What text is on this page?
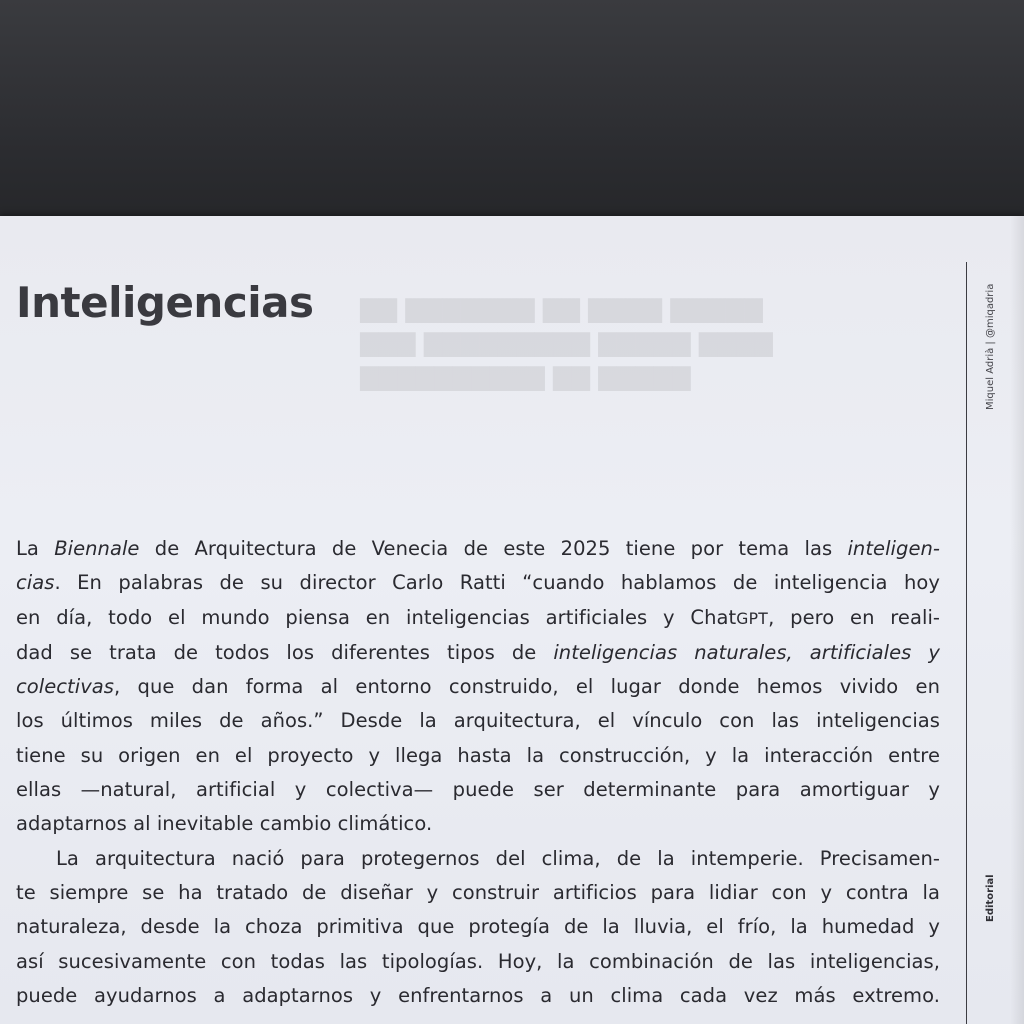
▇▇▇▇▇ ▇▇▇▇ ▇▇ ▇▇▇▇▇▇▇ ▇▇
▇▇▇▇ ▇▇▇▇▇ ▇▇▇▇▇▇▇▇▇ ▇▇▇
▇▇▇▇▇ ▇▇ ▇▇▇▇▇▇▇▇▇▇
Inteligencias	Miquel Adrià | @miqadria
Editorial
La Biennale de Arquitectura de Venecia de este 2025 tiene por tema las inteligen-
cias. En palabras de su director Carlo Ratti “cuando hablamos de inteligencia hoy
en día, todo el mundo piensa en inteligencias artificiales y ChatGPT, pero en reali-
dad se trata de todos los diferentes tipos de inteligencias naturales, artificiales y
colectivas, que dan forma al entorno construido, el lugar donde hemos vivido en
los últimos miles de años.” Desde la arquitectura, el vínculo con las inteligencias
tiene su origen en el proyecto y llega hasta la construcción, y la interacción entre
ellas —natural, artificial y colectiva— puede ser determinante para amortiguar y
adaptarnos al inevitable cambio climático.
La arquitectura nació para protegernos del clima, de la intemperie. Precisamen-
te siempre se ha tratado de diseñar y construir artificios para lidiar con y contra la
naturaleza, desde la choza primitiva que protegía de la lluvia, el frío, la humedad y
así sucesivamente con todas las tipologías. Hoy, la combinación de las inteligencias,
puede ayudarnos a adaptarnos y enfrentarnos a un clima cada vez más extremo.
